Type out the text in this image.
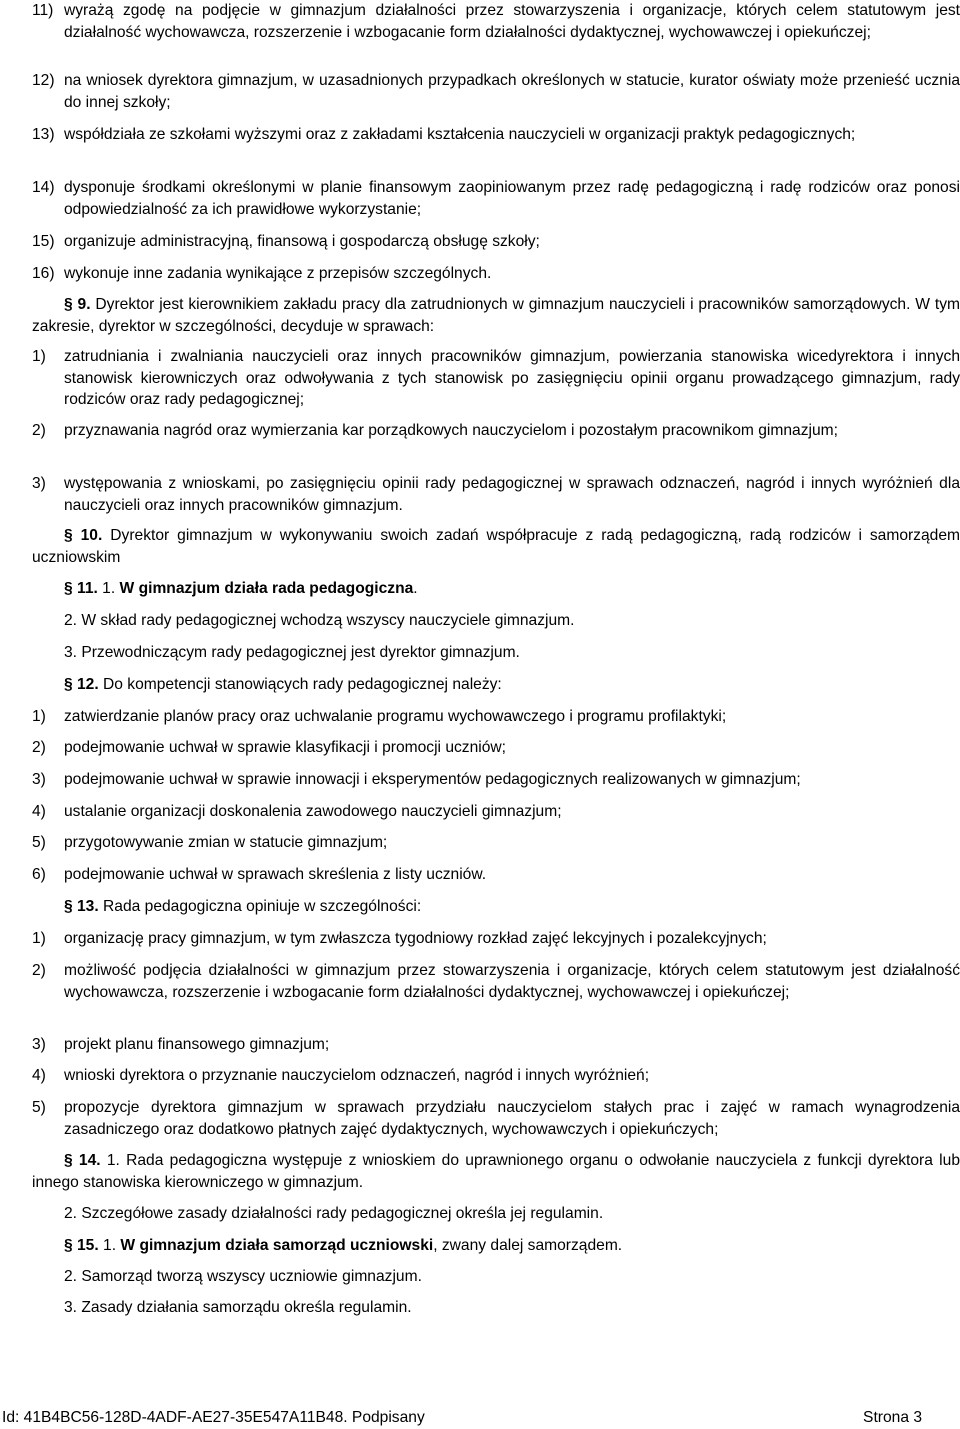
11) wyrażą zgodę na podjęcie w gimnazjum działalności przez stowarzyszenia i organizacje, których celem statutowym jest działalność wychowawcza, rozszerzenie i wzbogacanie form działalności dydaktycznej, wychowawczej i opiekuńczej;
12) na wniosek dyrektora gimnazjum, w uzasadnionych przypadkach określonych w statucie, kurator oświaty może przenieść ucznia do innej szkoły;
13) współdziała ze szkołami wyższymi oraz z zakładami kształcenia nauczycieli w organizacji praktyk pedagogicznych;
14) dysponuje środkami określonymi w planie finansowym zaopiniowanym przez radę pedagogiczną i radę rodziców oraz ponosi odpowiedzialność za ich prawidłowe wykorzystanie;
15) organizuje administracyjną, finansową i gospodarczą obsługę szkoły;
16) wykonuje inne zadania wynikające z przepisów szczególnych.
§ 9. Dyrektor jest kierownikiem zakładu pracy dla zatrudnionych w gimnazjum nauczycieli i pracowników samorządowych. W tym zakresie, dyrektor w szczególności, decyduje w sprawach:
1) zatrudniania i zwalniania nauczycieli oraz innych pracowników gimnazjum, powierzania stanowiska wicedyrektora i innych stanowisk kierowniczych oraz odwoływania z tych stanowisk po zasięgnięciu opinii organu prowadzącego gimnazjum, rady rodziców oraz rady pedagogicznej;
2) przyznawania nagród oraz wymierzania kar porządkowych nauczycielom i pozostałym pracownikom gimnazjum;
3) występowania z wnioskami, po zasięgnięciu opinii rady pedagogicznej w sprawach odznaczeń, nagród i innych wyróżnień dla nauczycieli oraz innych pracowników gimnazjum.
§ 10. Dyrektor gimnazjum w wykonywaniu swoich zadań współpracuje z radą pedagogiczną, radą rodziców i samorządem uczniowskim
§ 11. 1. W gimnazjum działa rada pedagogiczna.
2. W skład rady pedagogicznej wchodzą wszyscy nauczyciele gimnazjum.
3. Przewodniczącym rady pedagogicznej jest dyrektor gimnazjum.
§ 12. Do kompetencji stanowiących rady pedagogicznej należy:
1) zatwierdzanie planów pracy oraz uchwalanie programu wychowawczego i programu profilaktyki;
2) podejmowanie uchwał w sprawie klasyfikacji i promocji uczniów;
3) podejmowanie uchwał w sprawie innowacji i eksperymentów pedagogicznych realizowanych w gimnazjum;
4) ustalanie organizacji doskonalenia zawodowego nauczycieli gimnazjum;
5) przygotowywanie zmian w statucie gimnazjum;
6) podejmowanie uchwał w sprawach skreślenia z listy uczniów.
§ 13. Rada pedagogiczna opiniuje w szczególności:
1) organizację pracy gimnazjum, w tym zwłaszcza tygodniowy rozkład zajęć lekcyjnych i pozalekcyjnych;
2) możliwość podjęcia działalności w gimnazjum przez stowarzyszenia i organizacje, których celem statutowym jest działalność wychowawcza, rozszerzenie i wzbogacanie form działalności dydaktycznej, wychowawczej i opiekuńczej;
3) projekt planu finansowego gimnazjum;
4) wnioski dyrektora o przyznanie nauczycielom odznaczeń, nagród i innych wyróżnień;
5) propozycje dyrektora gimnazjum w sprawach przydziału nauczycielom stałych prac i zajęć w ramach wynagrodzenia zasadniczego oraz dodatkowo płatnych zajęć dydaktycznych, wychowawczych i opiekuńczych;
§ 14. 1. Rada pedagogiczna występuje z wnioskiem do uprawnionego organu o odwołanie nauczyciela z funkcji dyrektora lub innego stanowiska kierowniczego w gimnazjum.
2. Szczegółowe zasady działalności rady pedagogicznej określa jej regulamin.
§ 15. 1. W gimnazjum działa samorząd uczniowski, zwany dalej samorządem.
2. Samorząd tworzą wszyscy uczniowie gimnazjum.
3. Zasady działania samorządu określa regulamin.
Id: 41B4BC56-128D-4ADF-AE27-35E547A11B48. Podpisany	Strona 3
